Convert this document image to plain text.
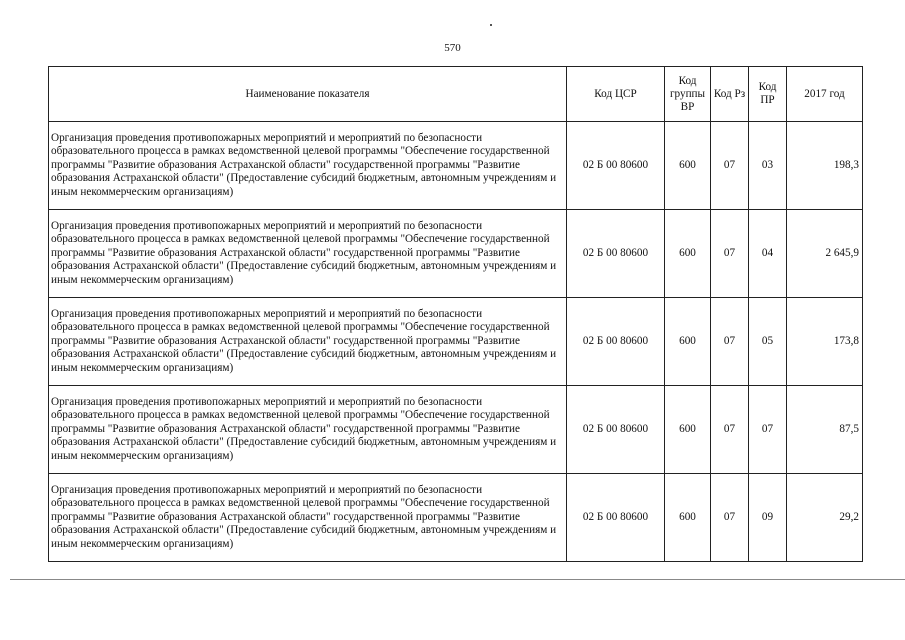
570
Наименование показателя	Код ЦСР	Код группы ВР	Код Рз	Код ПР	2017 год
Организация проведения противопожарных мероприятий и мероприятий по безопасности образовательного процесса в рамках ведомственной целевой программы "Обеспечение государственной программы "Развитие образования Астраханской области" государственной программы "Развитие образования Астраханской области" (Предоставление субсидий бюджетным, автономным учреждениям и иным некоммерческим организациям)	02 Б 00 80600	600	07	03	198,3
Организация проведения противопожарных мероприятий и мероприятий по безопасности образовательного процесса в рамках ведомственной целевой программы "Обеспечение государственной программы "Развитие образования Астраханской области" государственной программы "Развитие образования Астраханской области" (Предоставление субсидий бюджетным, автономным учреждениям и иным некоммерческим организациям)	02 Б 00 80600	600	07	04	2 645,9
Организация проведения противопожарных мероприятий и мероприятий по безопасности образовательного процесса в рамках ведомственной целевой программы "Обеспечение государственной программы "Развитие образования Астраханской области" государственной программы "Развитие образования Астраханской области" (Предоставление субсидий бюджетным, автономным учреждениям и иным некоммерческим организациям)	02 Б 00 80600	600	07	05	173,8
Организация проведения противопожарных мероприятий и мероприятий по безопасности образовательного процесса в рамках ведомственной целевой программы "Обеспечение государственной программы "Развитие образования Астраханской области" государственной программы "Развитие образования Астраханской области" (Предоставление субсидий бюджетным, автономным учреждениям и иным некоммерческим организациям)	02 Б 00 80600	600	07	07	87,5
Организация проведения противопожарных мероприятий и мероприятий по безопасности образовательного процесса в рамках ведомственной целевой программы "Обеспечение государственной программы "Развитие образования Астраханской области" государственной программы "Развитие образования Астраханской области" (Предоставление субсидий бюджетным, автономным учреждениям и иным некоммерческим организациям)	02 Б 00 80600	600	07	09	29,2
